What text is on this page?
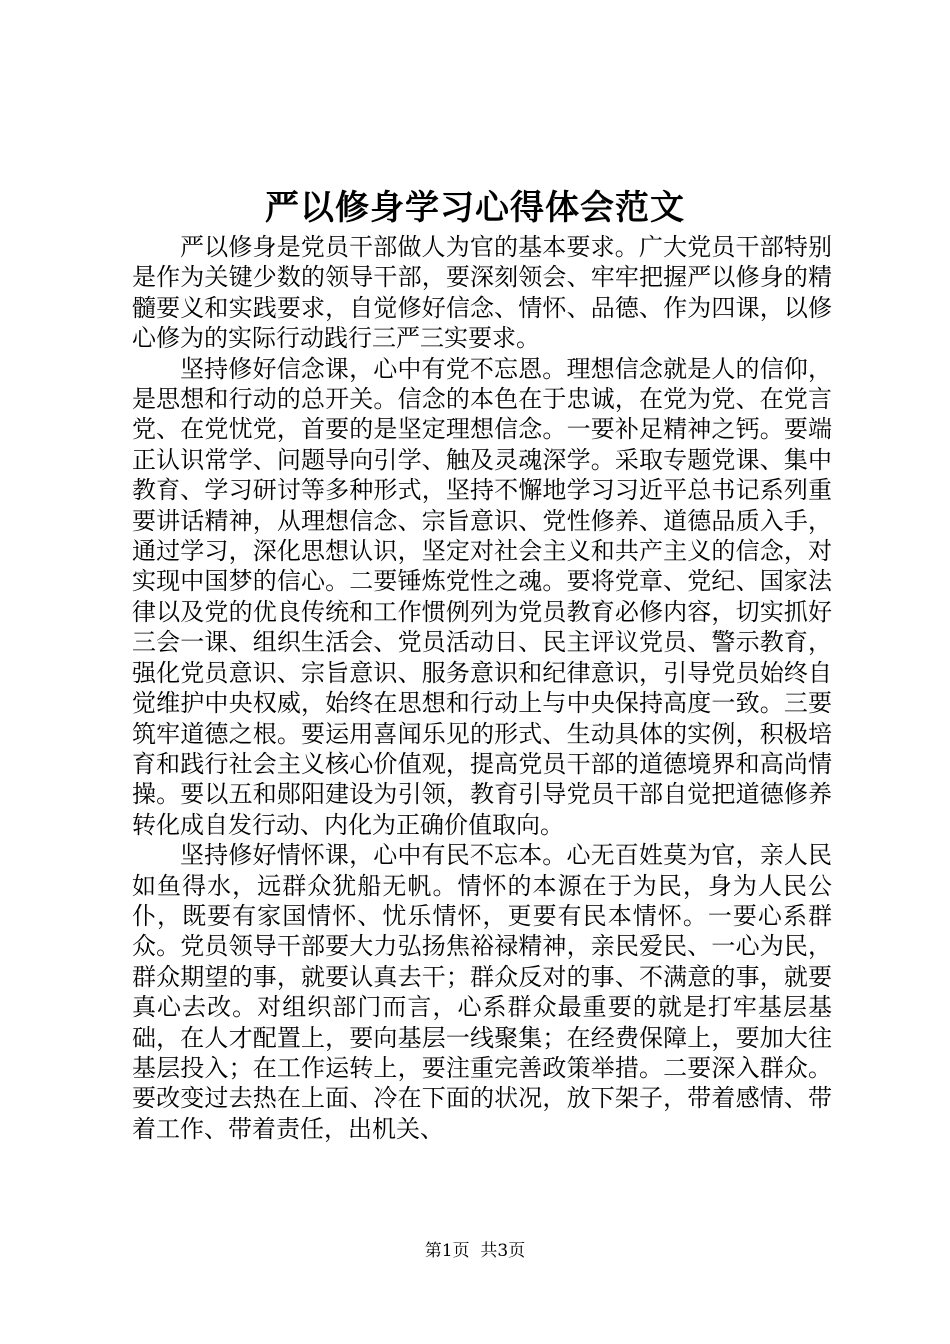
严以修身学习心得体会范文

严以修身是党员干部做人为官的基本要求。广大党员干部特别是作为关键少数的领导干部，要深刻领会、牢牢把握严以修身的精髓要义和实践要求，自觉修好信念、情怀、品德、作为四课，以修心修为的实际行动践行三严三实要求。

坚持修好信念课，心中有党不忘恩。理想信念就是人的信仰，是思想和行动的总开关。信念的本色在于忠诚，在党为党、在党言党、在党忧党，首要的是坚定理想信念。一要补足精神之钙。要端正认识常学、问题导向引学、触及灵魂深学。采取专题党课、集中教育、学习研讨等多种形式，坚持不懈地学习习近平总书记系列重要讲话精神，从理想信念、宗旨意识、党性修养、道德品质入手，通过学习，深化思想认识，坚定对社会主义和共产主义的信念，对实现中国梦的信心。二要锤炼党性之魂。要将党章、党纪、国家法律以及党的优良传统和工作惯例列为党员教育必修内容，切实抓好三会一课、组织生活会、党员活动日、民主评议党员、警示教育，强化党员意识、宗旨意识、服务意识和纪律意识，引导党员始终自觉维护中央权威，始终在思想和行动上与中央保持高度一致。三要筑牢道德之根。要运用喜闻乐见的形式、生动具体的实例，积极培育和践行社会主义核心价值观，提高党员干部的道德境界和高尚情操。要以五和郧阳建设为引领，教育引导党员干部自觉把道德修养转化成自发行动、内化为正确价值取向。

坚持修好情怀课，心中有民不忘本。心无百姓莫为官，亲人民如鱼得水，远群众犹船无帆。情怀的本源在于为民，身为人民公仆，既要有家国情怀、忧乐情怀，更要有民本情怀。一要心系群众。党员领导干部要大力弘扬焦裕禄精神，亲民爱民、一心为民，群众期望的事，就要认真去干；群众反对的事、不满意的事，就要真心去改。对组织部门而言，心系群众最重要的就是打牢基层基础，在人才配置上，要向基层一线聚集；在经费保障上，要加大往基层投入；在工作运转上，要注重完善政策举措。二要深入群众。要改变过去热在上面、冷在下面的状况，放下架子，带着感情、带着工作、带着责任，出机关、

第1页 共3页
